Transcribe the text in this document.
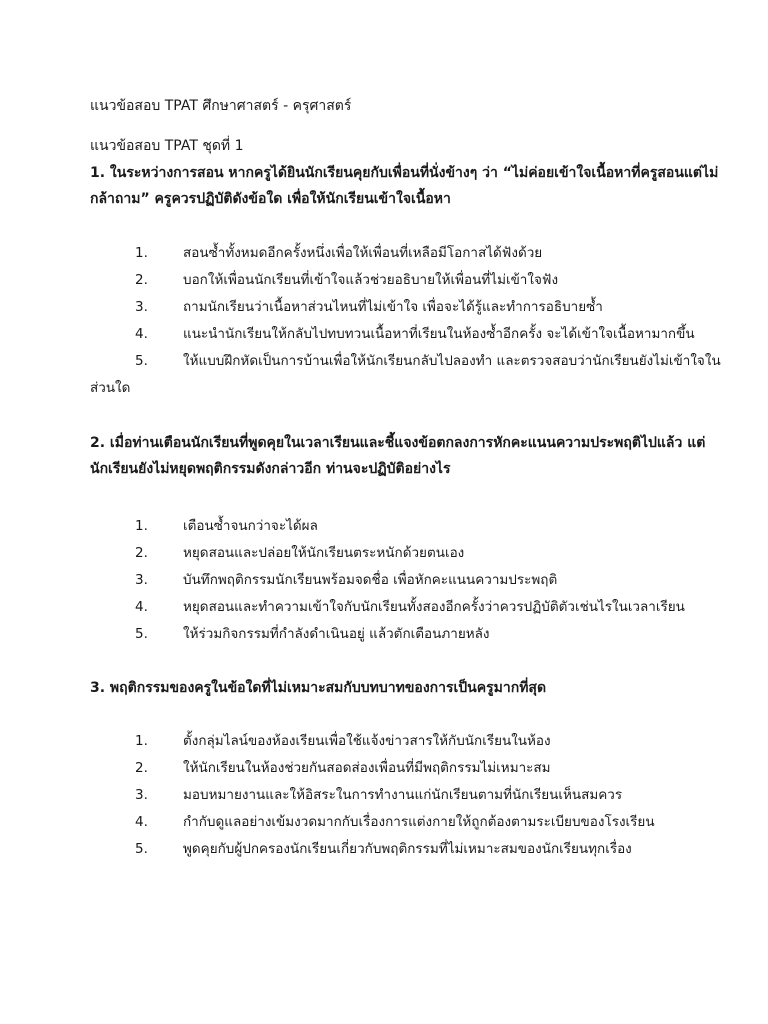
แนวข้อสอบ TPAT ศึกษาศาสตร์ - ครุศาสตร์
แนวข้อสอบ TPAT ชุดที่ 1
1. ในระหว่างการสอน หากครูได้ยินนักเรียนคุยกับเพื่อนที่นั่งข้างๆ ว่า “ไม่ค่อยเข้าใจเนื้อหาที่ครูสอนแต่ไม่
กล้าถาม” ครูควรปฏิบัติดังข้อใด เพื่อให้นักเรียนเข้าใจเนื้อหา
1.	สอนซ้ำทั้งหมดอีกครั้งหนึ่งเพื่อให้เพื่อนที่เหลือมีโอกาสได้ฟังด้วย
2.	บอกให้เพื่อนนักเรียนที่เข้าใจแล้วช่วยอธิบายให้เพื่อนที่ไม่เข้าใจฟัง
3.	ถามนักเรียนว่าเนื้อหาส่วนไหนที่ไม่เข้าใจ เพื่อจะได้รู้และทำการอธิบายซ้ำ
4.	แนะนำนักเรียนให้กลับไปทบทวนเนื้อหาที่เรียนในห้องซ้ำอีกครั้ง จะได้เข้าใจเนื้อหามากขึ้น
5.	ให้แบบฝึกหัดเป็นการบ้านเพื่อให้นักเรียนกลับไปลองทำ และตรวจสอบว่านักเรียนยังไม่เข้าใจใน
ส่วนใด
2. เมื่อท่านเตือนนักเรียนที่พูดคุยในเวลาเรียนและชี้แจงข้อตกลงการหักคะแนนความประพฤติไปแล้ว แต่
นักเรียนยังไม่หยุดพฤติกรรมดังกล่าวอีก ท่านจะปฏิบัติอย่างไร
1.	เตือนซ้ำจนกว่าจะได้ผล
2.	หยุดสอนและปล่อยให้นักเรียนตระหนักด้วยตนเอง
3.	บันทึกพฤติกรรมนักเรียนพร้อมจดชื่อ เพื่อหักคะแนนความประพฤติ
4.	หยุดสอนและทำความเข้าใจกับนักเรียนทั้งสองอีกครั้งว่าควรปฏิบัติตัวเช่นไรในเวลาเรียน
5.	ให้ร่วมกิจกรรมที่กำลังดำเนินอยู่ แล้วตักเตือนภายหลัง
3. พฤติกรรมของครูในข้อใดที่ไม่เหมาะสมกับบทบาทของการเป็นครูมากที่สุด
1.	ตั้งกลุ่มไลน์ของห้องเรียนเพื่อใช้แจ้งข่าวสารให้กับนักเรียนในห้อง
2.	ให้นักเรียนในห้องช่วยกันสอดส่องเพื่อนที่มีพฤติกรรมไม่เหมาะสม
3.	มอบหมายงานและให้อิสระในการทำงานแก่นักเรียนตามที่นักเรียนเห็นสมควร
4.	กำกับดูแลอย่างเข้มงวดมากกับเรื่องการแต่งกายให้ถูกต้องตามระเบียบของโรงเรียน
5.	พูดคุยกับผู้ปกครองนักเรียนเกี่ยวกับพฤติกรรมที่ไม่เหมาะสมของนักเรียนทุกเรื่อง
